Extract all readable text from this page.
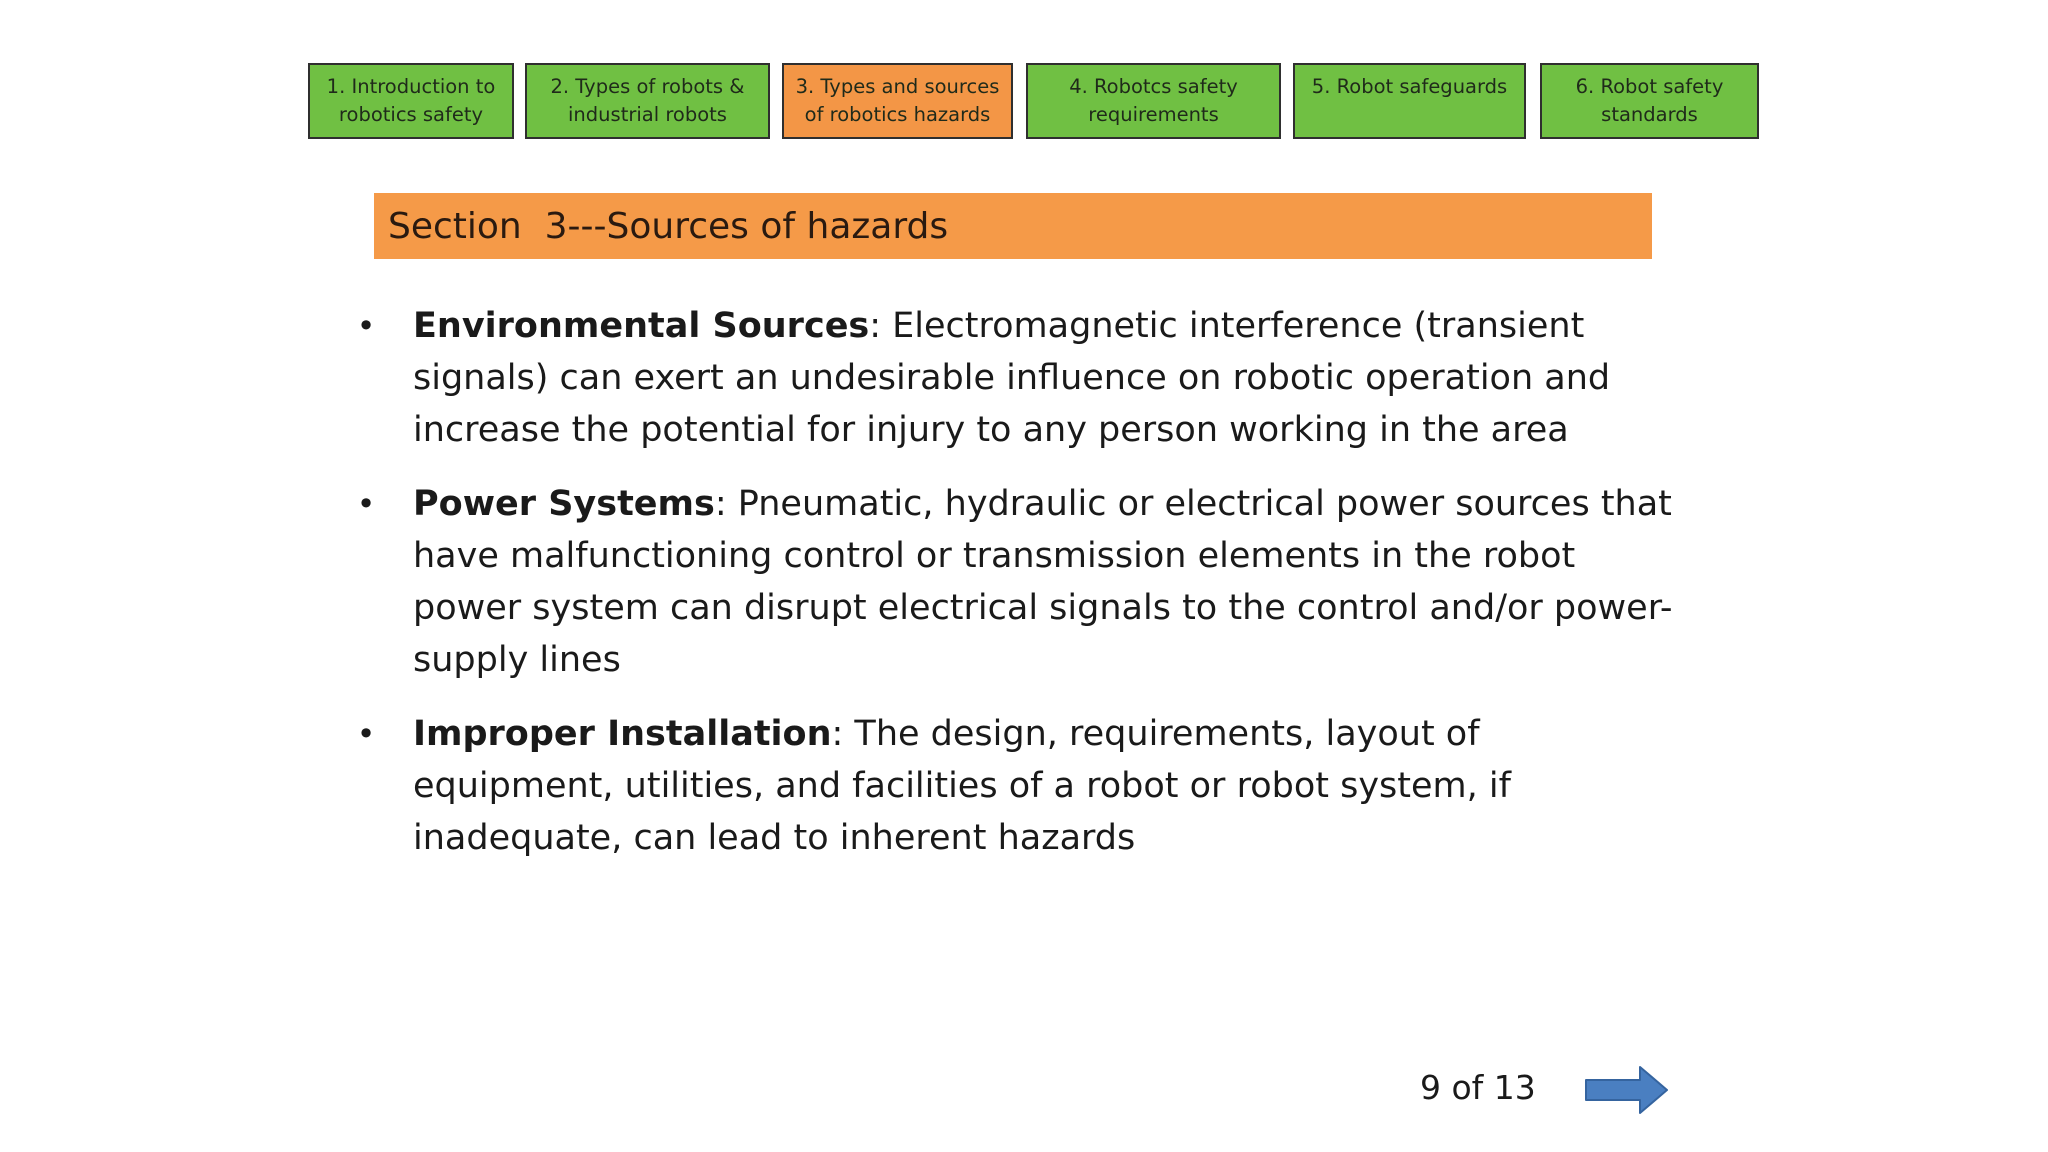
1. Introduction to
robotics safety
2. Types of robots &
industrial robots
3. Types and sources
of robotics hazards
4. Robotcs safety
requirements
5. Robot safeguards	6. Robot safety
standards
Section  3---Sources of hazards
• Environmental Sources: Electromagnetic interference (transient signals) can exert an undesirable influence on robotic operation and increase the potential for injury to any person working in the area
• Power Systems: Pneumatic, hydraulic or electrical power sources that have malfunctioning control or transmission elements in the robot power system can disrupt electrical signals to the control and/or power-supply lines
• Improper Installation: The design, requirements, layout of equipment, utilities, and facilities of a robot or robot system, if inadequate, can lead to inherent hazards
9 of 13
